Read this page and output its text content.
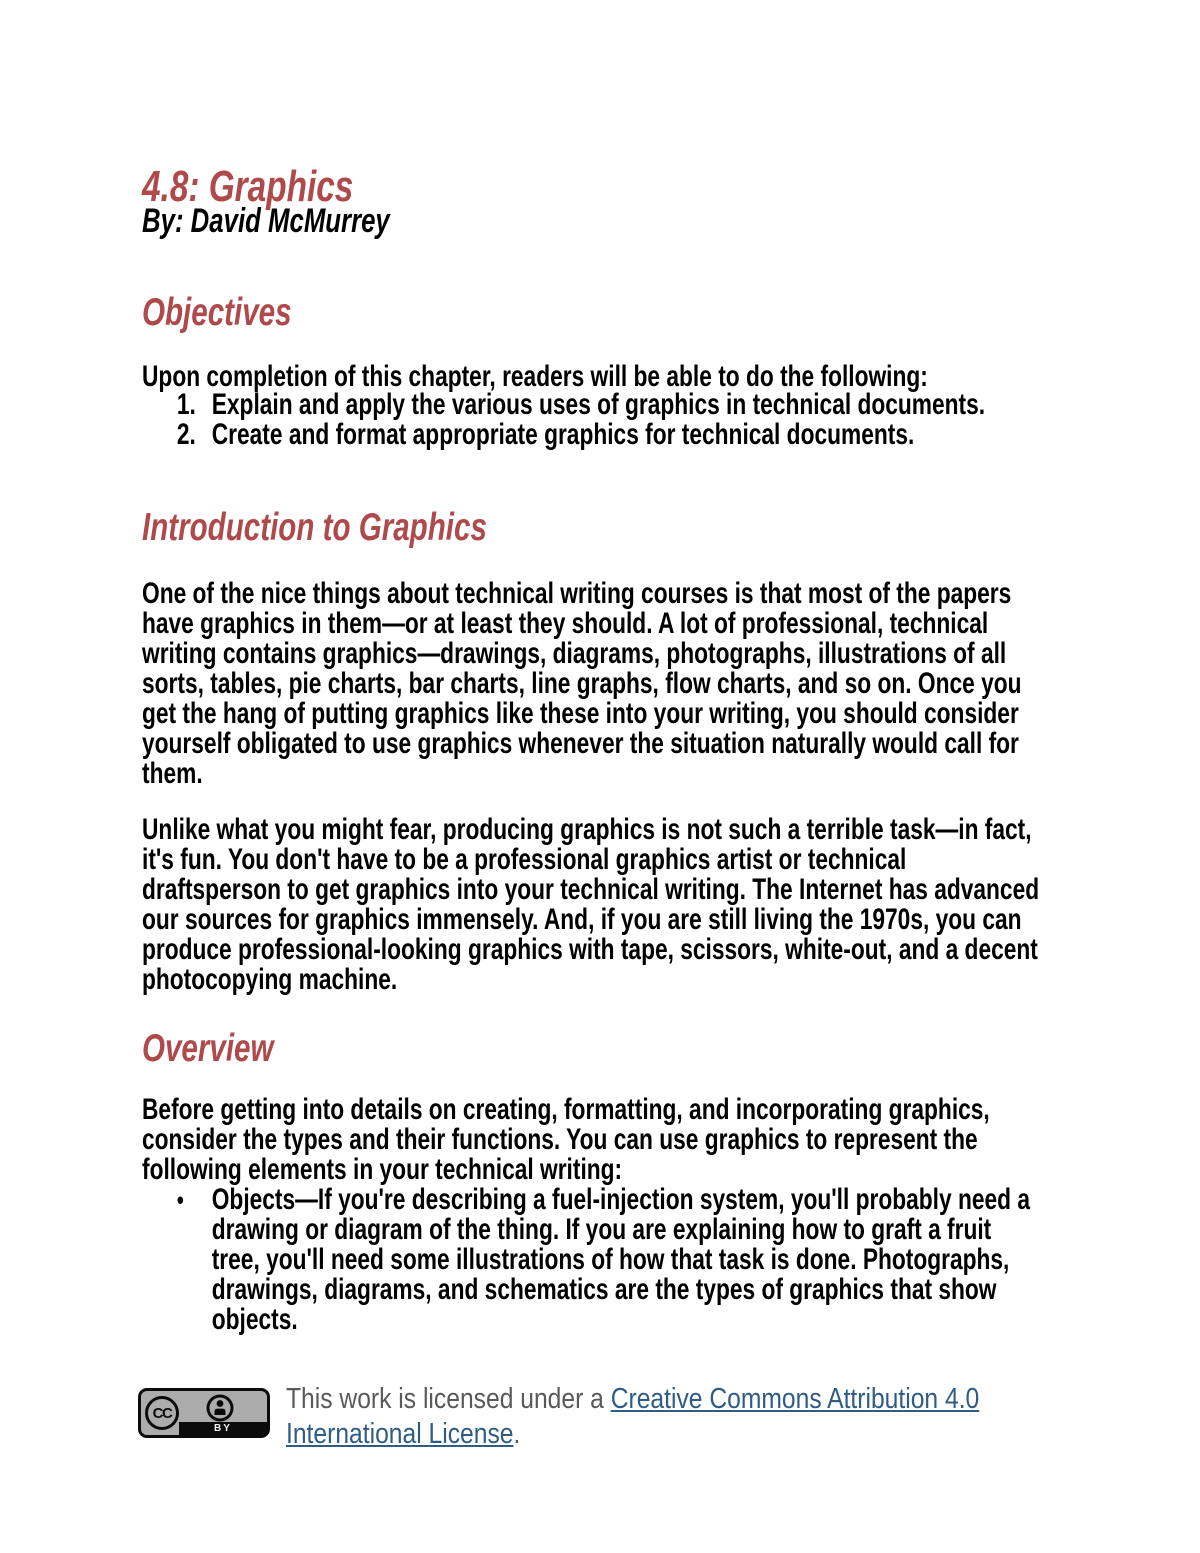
4.8: Graphics
By: David McMurrey
Objectives

Upon completion of this chapter, readers will be able to do the following:

1. Explain and apply the various uses of graphics in technical documents.
2. Create and format appropriate graphics for technical documents.
Introduction to Graphics

One of the nice things about technical writing courses is that most of the papers have graphics in them—or at least they should. A lot of professional, technical writing contains graphics—drawings, diagrams, photographs, illustrations of all sorts, tables, pie charts, bar charts, line graphs, flow charts, and so on. Once you get the hang of putting graphics like these into your writing, you should consider yourself obligated to use graphics whenever the situation naturally would call for them.

Unlike what you might fear, producing graphics is not such a terrible task—in fact, it's fun. You don't have to be a professional graphics artist or technical draftsperson to get graphics into your technical writing. The Internet has advanced our sources for graphics immensely. And, if you are still living the 1970s, you can produce professional-looking graphics with tape, scissors, white-out, and a decent photocopying machine.

Overview

Before getting into details on creating, formatting, and incorporating graphics, consider the types and their functions. You can use graphics to represent the following elements in your technical writing:

• Objects—If you're describing a fuel-injection system, you'll probably need a drawing or diagram of the thing. If you are explaining how to graft a fruit tree, you'll need some illustrations of how that task is done. Photographs, drawings, diagrams, and schematics are the types of graphics that show objects.
CC
BY
This work is licensed under a Creative Commons Attribution 4.0 International License.
